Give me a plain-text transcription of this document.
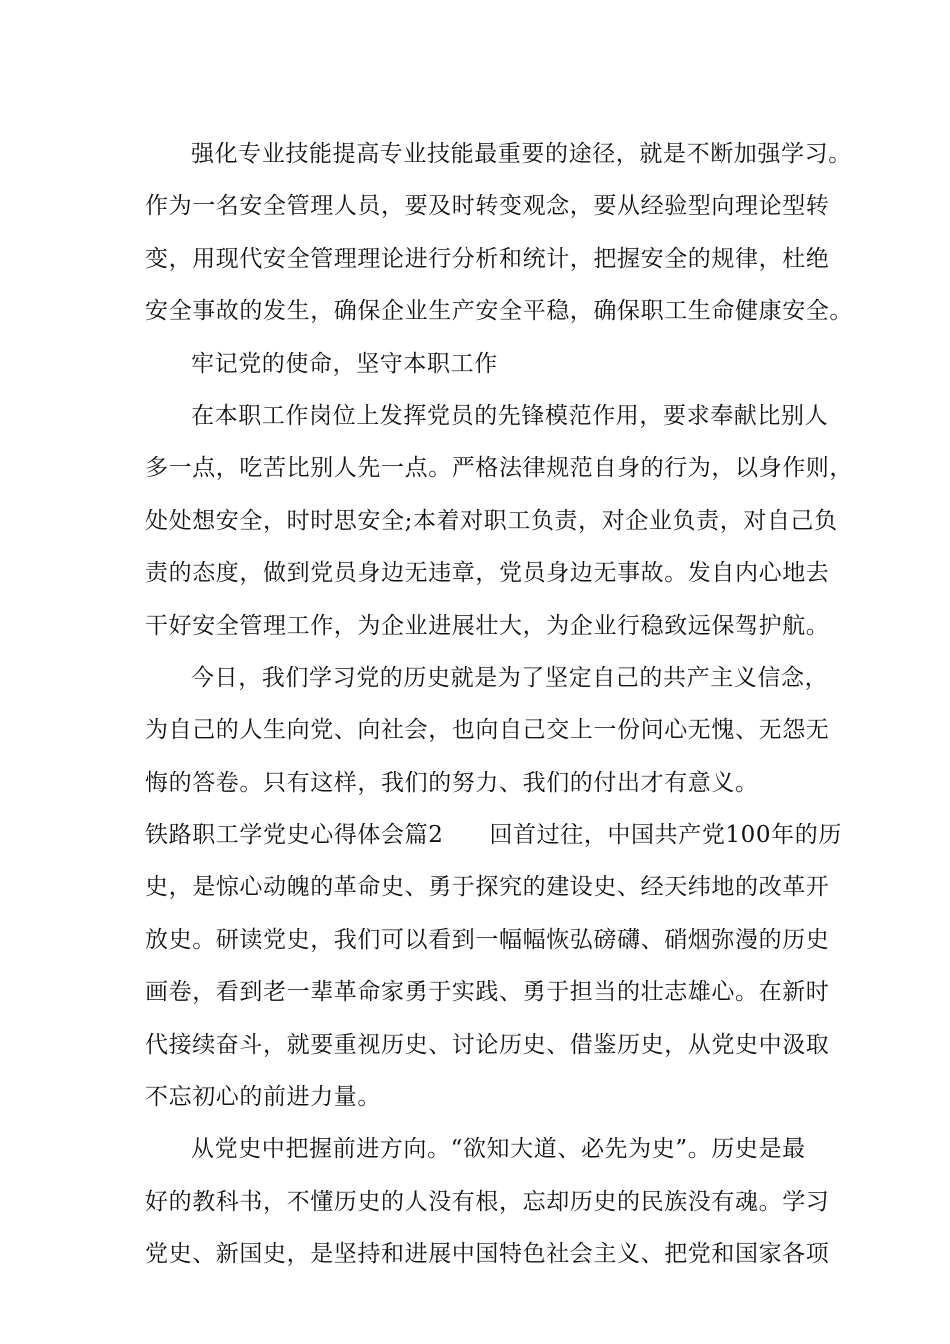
强化专业技能提高专业技能最重要的途径，就是不断加强学习。
作为一名安全管理人员，要及时转变观念，要从经验型向理论型转
变，用现代安全管理理论进行分析和统计，把握安全的规律，杜绝
安全事故的发生，确保企业生产安全平稳，确保职工生命健康安全。
牢记党的使命，坚守本职工作
在本职工作岗位上发挥党员的先锋模范作用，要求奉献比别人
多一点，吃苦比别人先一点。严格法律规范自身的行为，以身作则，
处处想安全，时时思安全;本着对职工负责，对企业负责，对自己负
责的态度，做到党员身边无违章，党员身边无事故。发自内心地去
干好安全管理工作，为企业进展壮大，为企业行稳致远保驾护航。
今日，我们学习党的历史就是为了坚定自己的共产主义信念，
为自己的人生向党、向社会，也向自己交上一份问心无愧、无怨无
悔的答卷。只有这样，我们的努力、我们的付出才有意义。
铁路职工学党史心得体会篇2 回首过往，中国共产党100年的历
史，是惊心动魄的革命史、勇于探究的建设史、经天纬地的改革开
放史。研读党史，我们可以看到一幅幅恢弘磅礴、硝烟弥漫的历史
画卷，看到老一辈革命家勇于实践、勇于担当的壮志雄心。在新时
代接续奋斗，就要重视历史、讨论历史、借鉴历史，从党史中汲取
不忘初心的前进力量。
从党史中把握前进方向。“欲知大道、必先为史”。历史是最
好的教科书，不懂历史的人没有根，忘却历史的民族没有魂。学习
党史、新国史，是坚持和进展中国特色社会主义、把党和国家各项
